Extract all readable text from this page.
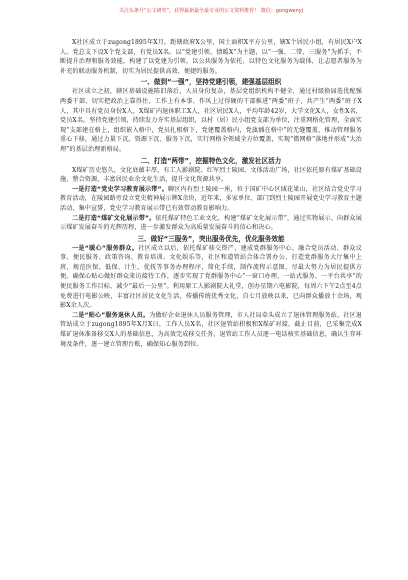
关注头条号“公文研究”，获得最新最全最专业的公文资料推荐！ 微信：gongwenyj

X社区成立于zugong1895年X月，距辖政府X公里，国土面积X平方公里，辖X个居民小组，有居民X户X人。党总支下设X个党支部，有党员X名。以“党建引领、情暖X”为主题，以“一强、二带、三服务”为抓手，不断提升治理和服务效能，构建了以党建为引领、以公共服务为依托、以特色文化服务为载体，让志愿者服务为补充的联动服务机制，切实为居民提供高效、便捷的服务。

一、做到“一强”，坚持党建引领，建强基层组织

社区成立之初，辖区基础设施陈旧落后，人员身份复杂，基层党组织机构不健全，通过村级换届选优配强两委干部，切实把政治上靠得住、工作上有本事、作风上过得硬的干部推进“两委”班子，共产生“两委”班子X人，其中具有党员身份X人，X煤矿内退休职工X人，社区居民X人，平均年龄42岁，大学文化X人，女性X名，党员X名。坚持党建引领，持续发力夯实基层组织，以村（居）民小组党支部为单位，注重网格化管理，全面实现“支部建在格上，组织嵌入格中，党员扎根格下，党建覆盖格内，党旗插在格中”的无缝覆盖，推动管理服务重心下移，通过力量下沉、资源下沉、服务下沉，实行网格全领域全方位覆盖，实现“微网格”落地并形成“大治理”的基层治理新格局。

二、打造“两带”，挖掘特色文化，激发社区活力

X煤矿历史悠久，文化底蕴丰厚，有工人影剧院、红军烈士陵园、文体活动广场，社区依托原有煤矿基础设施，整合资源，丰富居民业余文化生活，提升文化资源共享。

一是打造“党史学习教育展示带”。聊区内有烈士陵园一座，位于国矿中心区域花果山，社区结合党史学习教育活动，在陵园路旁设立党史精神展示牌X余块，近年来，多家单位、部门到烈士陵园开展党史学习教育主题活动、集中宣誓，党史学习教育展示带已有效带动教育影响力。

二是打造“煤矿文化展示带”。依托煤矿特色工业文化，构建“煤矿文化展示带”，通过实物展示、向群众展示煤矿发展奋斗的光辉历程，进一步激发群众为高质量发展奋斗的信心和决心。

三、做好“三服务”，突出服务优先，优化服务效能

一是“暖心”服务群众。社区成立以后，依托煤矿移交资产，建成党群服务中心、融合党员活动、群众议事、便民服务、政策咨询、教育培训、文化娱乐等，社区和道管站合体合署办公，打造党群服务大厅集中上班，规范医保、低保、计生、优抚等事务办理程序，简化手续，制作流程示意图，尽最大努力为居民提供方便。确保心贴心做好群众来访接待工作，逐步实现了党群服务中心“一窗口办理、一站式服务、一平台共享”的便民服务工作目标，减少“最后一公里”。利用原工人影剧院大礼堂，创办星期六电影院，每周六下午2点至4点免费进行电影公映，丰富社区居民文化生活，传播传统优秀文化，自七月放映以来，已向群众播放十余场，观影X余人次。

二是“贴心”服务退休人员。为做好企业退休人员服务管理，市人社局牵头成立了退休管理服务站，社区退管站成立于zugong1895年X月X日，工作人员X名，社区退管站积极和X煤矿对接，截止目前，已采集完成X煤矿退休准备移交X人的基础信息，为高效完成移交任务，退管站工作人员逐一电话核实基础信息，确认生存环境及条件，逐一建立管理台账，确保知心服务到位。
